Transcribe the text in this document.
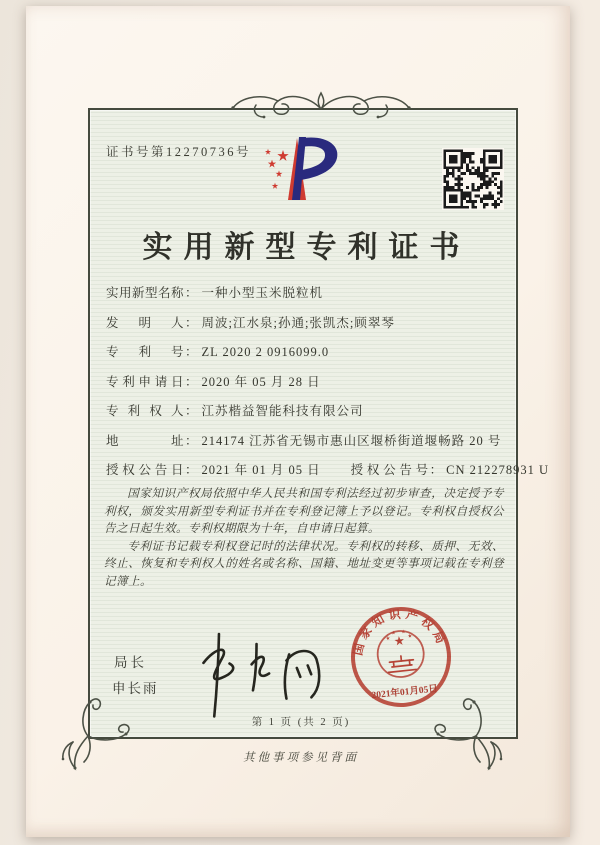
证书号第12270736号
实用新型专利证书
实用新型名称 ： 一种小型玉米脱粒机
发明人 ： 周波;江水泉;孙通;张凯杰;顾翠琴
专利号 ： ZL 2020 2 0916099.0
专利申请日 ： 2020 年 05 月 28 日
专利权人 ： 江苏楷益智能科技有限公司
地址 ： 214174 江苏省无锡市惠山区堰桥街道堰畅路 20 号
授权公告日 ： 2021 年 01 月 05 日 授权公告号 ： CN 212278931 U

国家知识产权局依照中华人民共和国专利法经过初步审查，决定授予专利权，颁发实用新型专利证书并在专利登记簿上予以登记。专利权自授权公告之日起生效。专利权期限为十年，自申请日起算。

专利证书记载专利权登记时的法律状况。专利权的转移、质押、无效、终止、恢复和专利权人的姓名或名称、国籍、地址变更等事项记载在专利登记簿上。

局长
申长雨
国家知识产权局
2021年01月05日
第 1 页 (共 2 页)
其他事项参见背面
